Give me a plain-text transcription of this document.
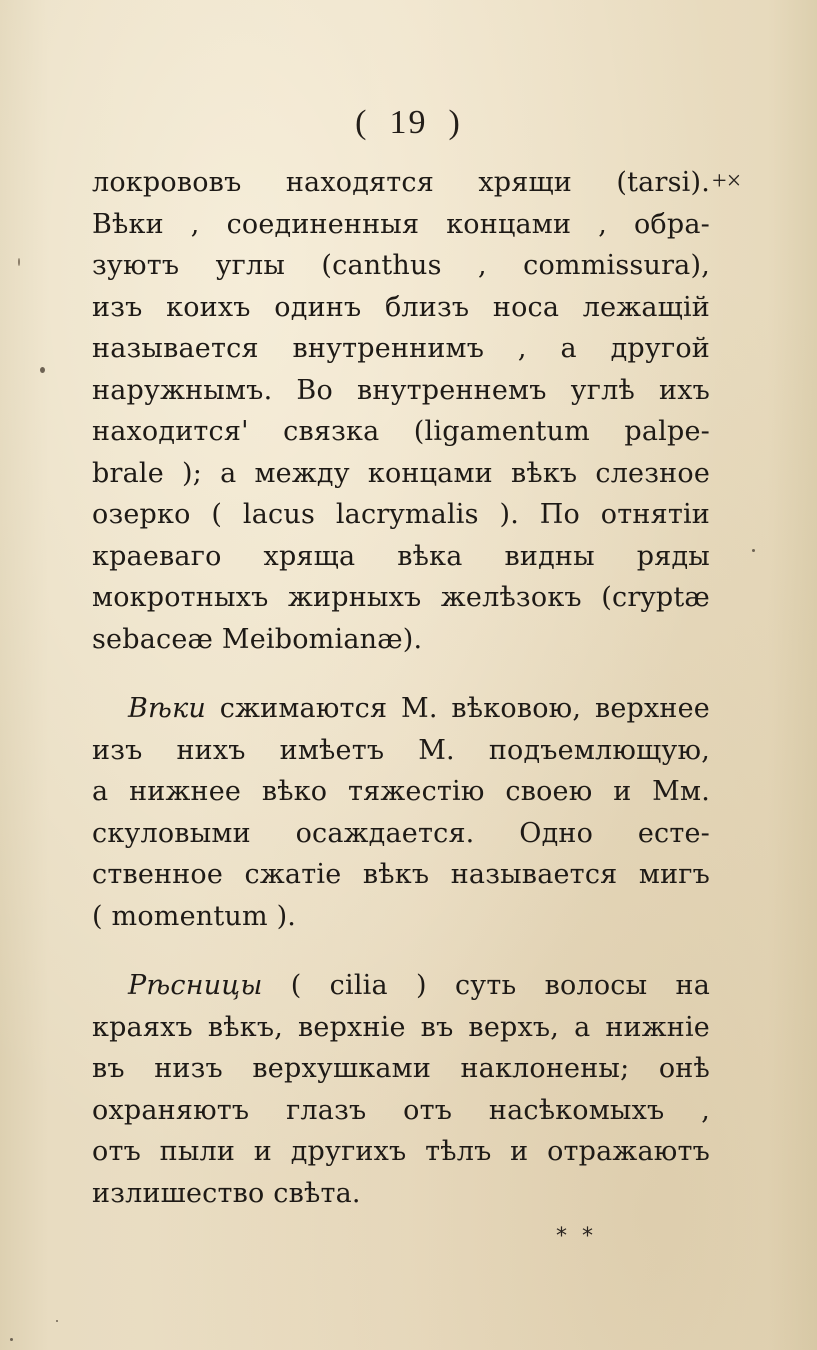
(  19  )
+×
локрововъ находятся хрящи (tarsi).
Вѣки , соединенныя концами , обра-
зуютъ углы (canthus , commissura),
изъ коихъ одинъ близъ носа лежащій
называется внутреннимъ , а другой
наружнымъ. Во внутреннемъ углѣ ихъ
находится' связка (ligamentum palpe-
brale ); а между концами вѣкъ слезное
озерко ( lacus lacrymalis ). По отнятіи
краеваго хряща вѣка видны ряды
мокротныхъ жирныхъ желѣзокъ (cryptæ
sebaceæ Meibomianæ).
Вѣки сжимаются М. вѣковою, верхнее
изъ нихъ имѣетъ М. подъемлющую,
а нижнее вѣко тяжестію своею и Мм.
скуловыми осаждается. Одно есте-
ственное сжатіе вѣкъ называется мигъ
( momentum ).
Рѣсницы ( cilia ) суть волосы на
краяхъ вѣкъ, верхніе въ верхъ, а нижніе
въ низъ верхушками наклонены; онѣ
охраняютъ глазъ отъ насѣкомыхъ ,
отъ пыли и другихъ тѣлъ и отражаютъ
излишество свѣта.
* *
